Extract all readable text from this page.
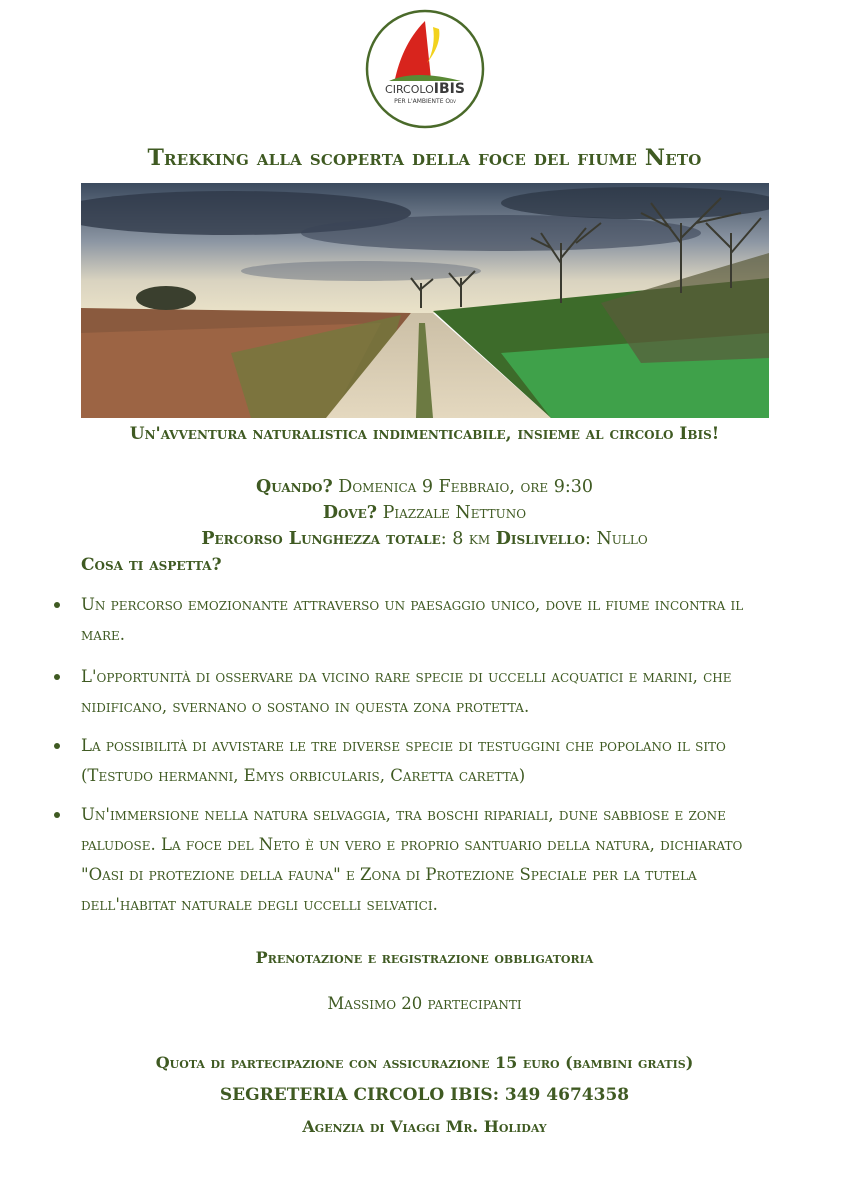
CIRCOLOIBIS
PER L'AMBIENTE Odv
Trekking alla scoperta della foce del fiume Neto
Un'avventura naturalistica indimenticabile, insieme al circolo Ibis!
Quando? Domenica 9 Febbraio, ore 9:30
Dove? Piazzale Nettuno
Percorso Lunghezza totale: 8 km Dislivello: Nullo
Cosa ti aspetta?
Un percorso emozionante attraverso un paesaggio unico, dove il fiume incontra il mare.
L'opportunità di osservare da vicino rare specie di uccelli acquatici e marini, che nidificano, svernano o sostano in questa zona protetta.
La possibilità di avvistare le tre diverse specie di testuggini che popolano il sito (Testudo hermanni, Emys orbicularis, Caretta caretta)
Un'immersione nella natura selvaggia, tra boschi ripariali, dune sabbiose e zone paludose. La foce del Neto è un vero e proprio santuario della natura, dichiarato "Oasi di protezione della fauna" e Zona di Protezione Speciale per la tutela dell'habitat naturale degli uccelli selvatici.
Prenotazione e registrazione obbligatoria
Massimo 20 partecipanti
Quota di partecipazione con assicurazione 15 euro (bambini gratis)
SEGRETERIA CIRCOLO IBIS: 349 4674358
Agenzia di Viaggi Mr. Holiday
